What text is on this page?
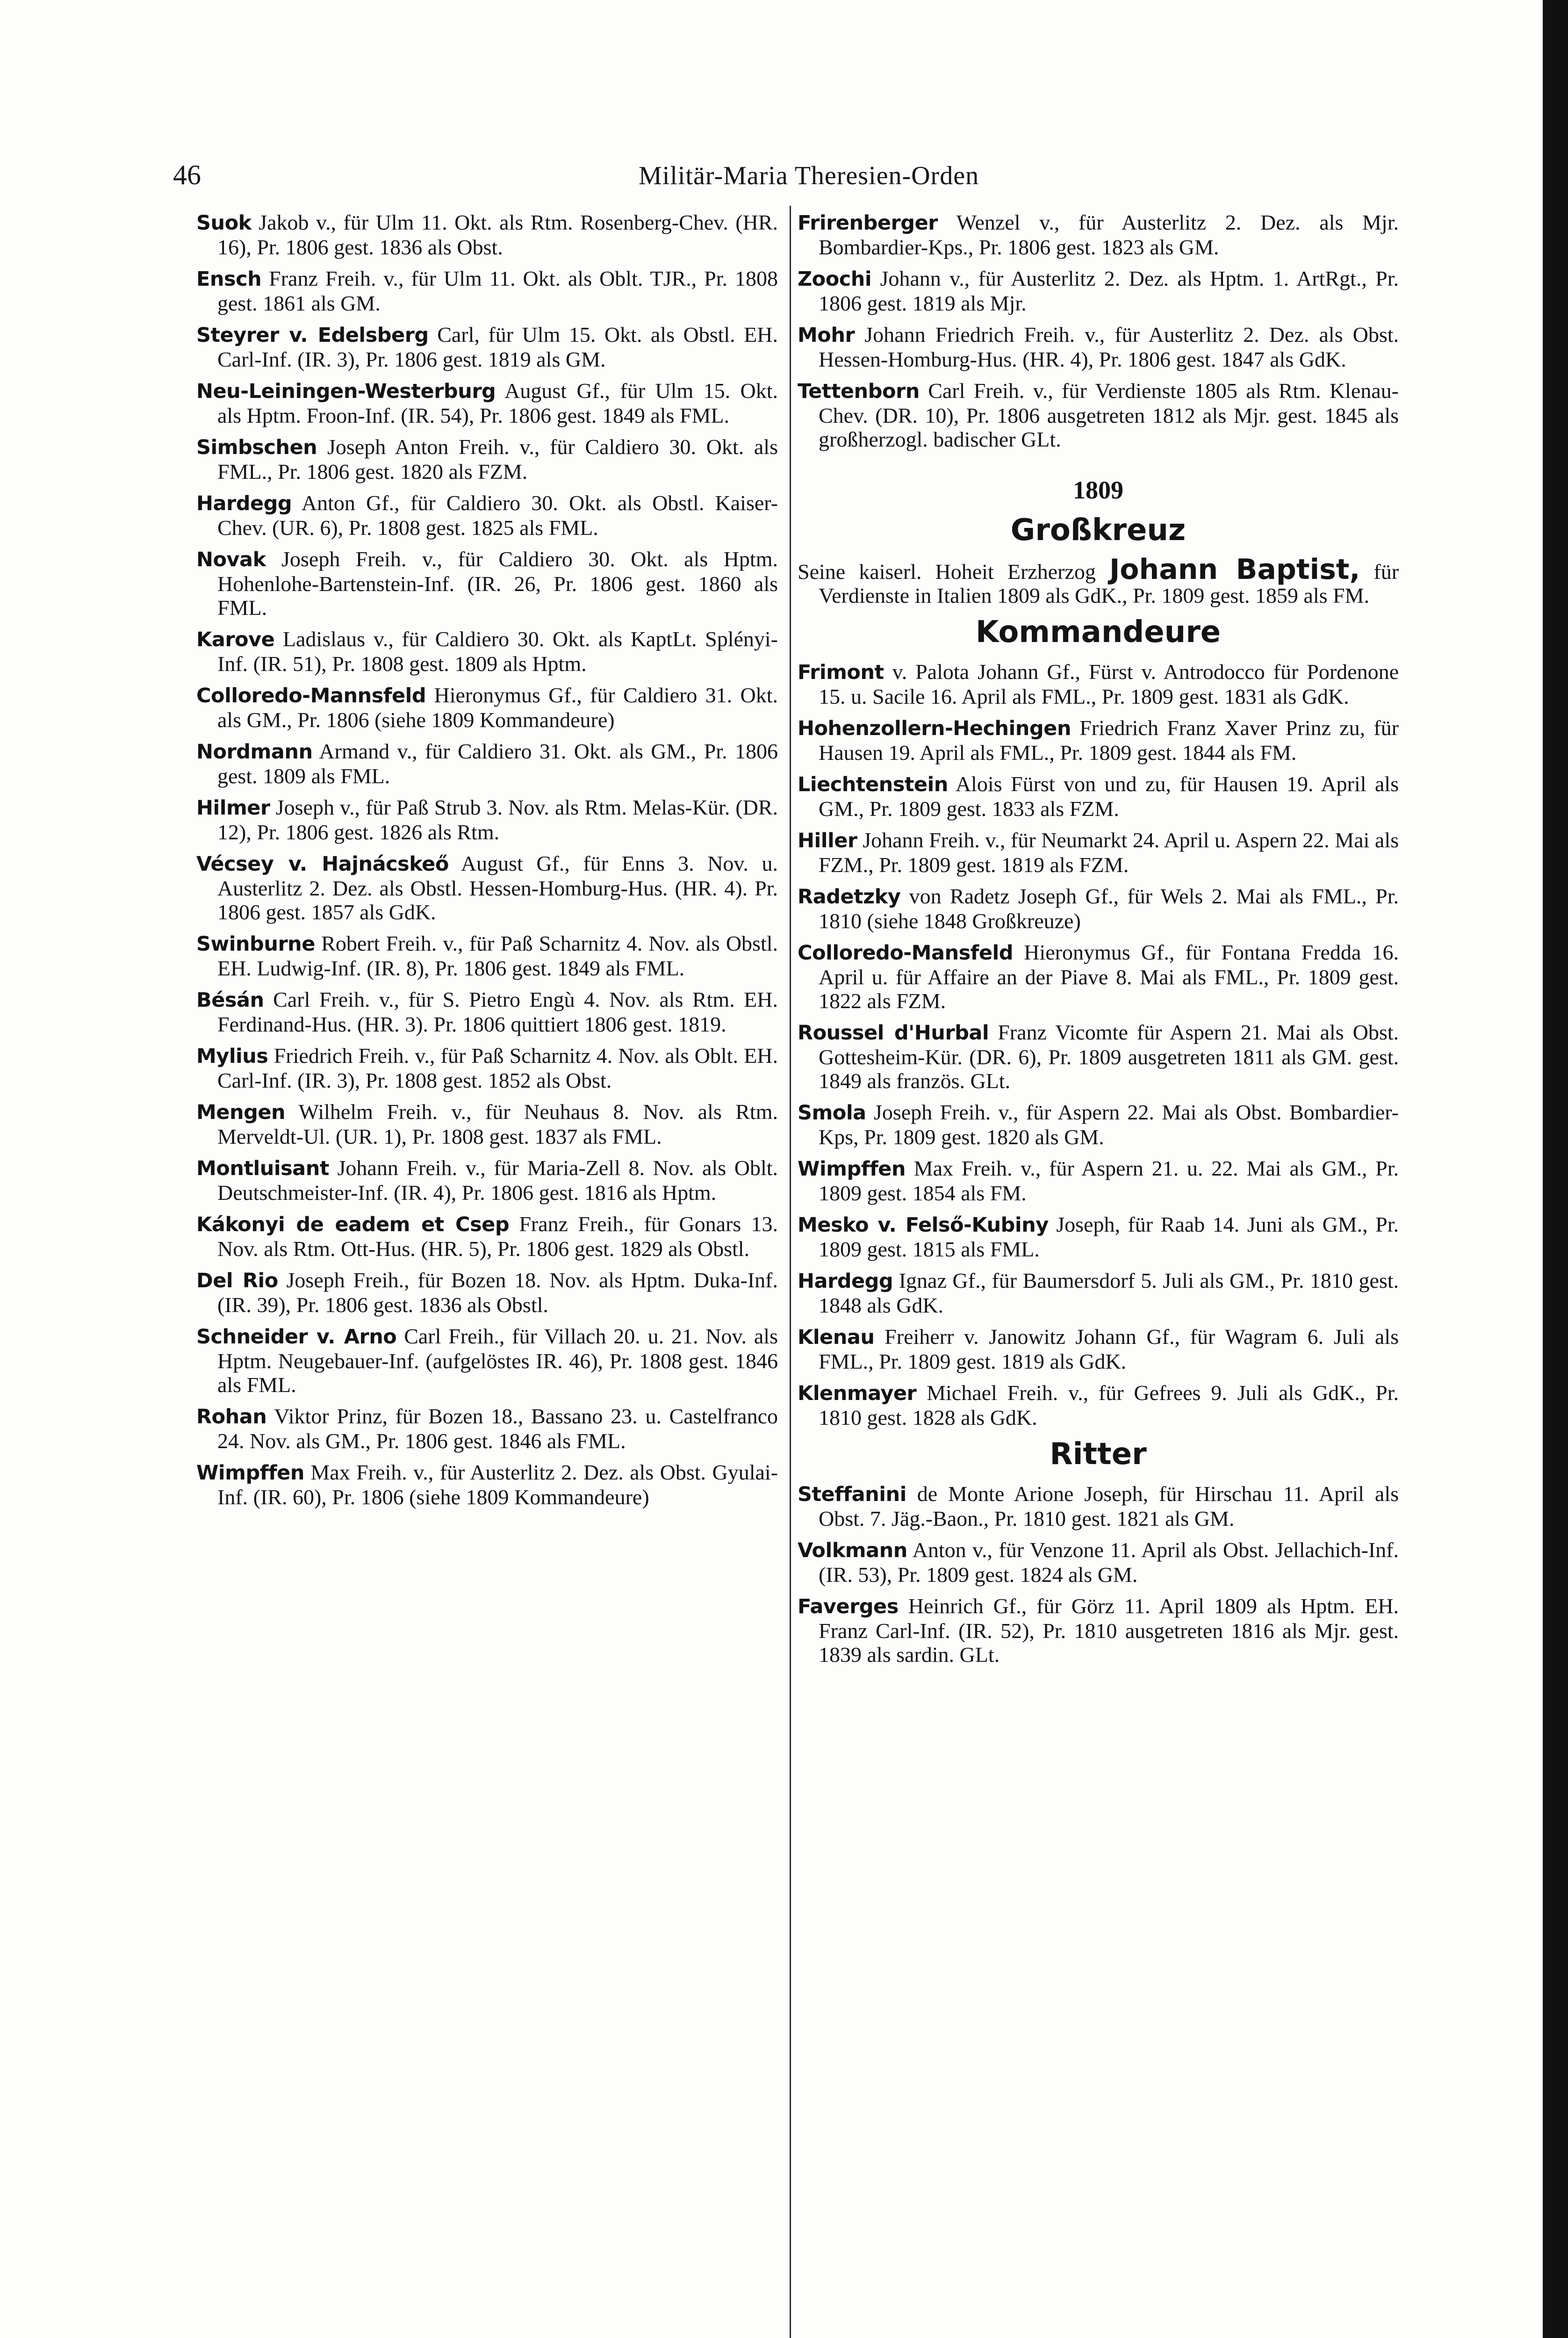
46	Militär-Maria Theresien-Orden

Suok Jakob v., für Ulm 11. Okt. als Rtm. Rosenberg-Chev. (HR. 16), Pr. 1806 gest. 1836 als Obst.

Ensch Franz Freih. v., für Ulm 11. Okt. als Oblt. TJR., Pr. 1808 gest. 1861 als GM.

Steyrer v. Edelsberg Carl, für Ulm 15. Okt. als Obstl. EH. Carl-Inf. (IR. 3), Pr. 1806 gest. 1819 als GM.

Neu-Leiningen-Westerburg August Gf., für Ulm 15. Okt. als Hptm. Froon-Inf. (IR. 54), Pr. 1806 gest. 1849 als FML.

Simbschen Joseph Anton Freih. v., für Caldiero 30. Okt. als FML., Pr. 1806 gest. 1820 als FZM.

Hardegg Anton Gf., für Caldiero 30. Okt. als Obstl. Kaiser-Chev. (UR. 6), Pr. 1808 gest. 1825 als FML.

Novak Joseph Freih. v., für Caldiero 30. Okt. als Hptm. Hohenlohe-Bartenstein-Inf. (IR. 26, Pr. 1806 gest. 1860 als FML.

Karove Ladislaus v., für Caldiero 30. Okt. als KaptLt. Splényi-Inf. (IR. 51), Pr. 1808 gest. 1809 als Hptm.

Colloredo-Mannsfeld Hieronymus Gf., für Caldiero 31. Okt. als GM., Pr. 1806 (siehe 1809 Kommandeure)

Nordmann Armand v., für Caldiero 31. Okt. als GM., Pr. 1806 gest. 1809 als FML.

Hilmer Joseph v., für Paß Strub 3. Nov. als Rtm. Melas-Kür. (DR. 12), Pr. 1806 gest. 1826 als Rtm.

Vécsey v. Hajnácskeő August Gf., für Enns 3. Nov. u. Austerlitz 2. Dez. als Obstl. Hessen-Homburg-Hus. (HR. 4). Pr. 1806 gest. 1857 als GdK.

Swinburne Robert Freih. v., für Paß Scharnitz 4. Nov. als Obstl. EH. Ludwig-Inf. (IR. 8), Pr. 1806 gest. 1849 als FML.

Bésán Carl Freih. v., für S. Pietro Engù 4. Nov. als Rtm. EH. Ferdinand-Hus. (HR. 3). Pr. 1806 quittiert 1806 gest. 1819.

Mylius Friedrich Freih. v., für Paß Scharnitz 4. Nov. als Oblt. EH. Carl-Inf. (IR. 3), Pr. 1808 gest. 1852 als Obst.

Mengen Wilhelm Freih. v., für Neuhaus 8. Nov. als Rtm. Merveldt-Ul. (UR. 1), Pr. 1808 gest. 1837 als FML.

Montluisant Johann Freih. v., für Maria-Zell 8. Nov. als Oblt. Deutschmeister-Inf. (IR. 4), Pr. 1806 gest. 1816 als Hptm.

Kákonyi de eadem et Csep Franz Freih., für Gonars 13. Nov. als Rtm. Ott-Hus. (HR. 5), Pr. 1806 gest. 1829 als Obstl.

Del Rio Joseph Freih., für Bozen 18. Nov. als Hptm. Duka-Inf. (IR. 39), Pr. 1806 gest. 1836 als Obstl.

Schneider v. Arno Carl Freih., für Villach 20. u. 21. Nov. als Hptm. Neugebauer-Inf. (aufgelöstes IR. 46), Pr. 1808 gest. 1846 als FML.

Rohan Viktor Prinz, für Bozen 18., Bassano 23. u. Castelfranco 24. Nov. als GM., Pr. 1806 gest. 1846 als FML.

Wimpffen Max Freih. v., für Austerlitz 2. Dez. als Obst. Gyulai-Inf. (IR. 60), Pr. 1806 (siehe 1809 Kommandeure)

Frirenberger Wenzel v., für Austerlitz 2. Dez. als Mjr. Bombardier-Kps., Pr. 1806 gest. 1823 als GM.

Zoochi Johann v., für Austerlitz 2. Dez. als Hptm. 1. ArtRgt., Pr. 1806 gest. 1819 als Mjr.

Mohr Johann Friedrich Freih. v., für Austerlitz 2. Dez. als Obst. Hessen-Homburg-Hus. (HR. 4), Pr. 1806 gest. 1847 als GdK.

Tettenborn Carl Freih. v., für Verdienste 1805 als Rtm. Klenau-Chev. (DR. 10), Pr. 1806 ausgetreten 1812 als Mjr. gest. 1845 als großherzogl. badischer GLt.

1809
Großkreuz

Seine kaiserl. Hoheit Erzherzog Johann Baptist, für Verdienste in Italien 1809 als GdK., Pr. 1809 gest. 1859 als FM.

Kommandeure

Frimont v. Palota Johann Gf., Fürst v. Antrodocco für Pordenone 15. u. Sacile 16. April als FML., Pr. 1809 gest. 1831 als GdK.

Hohenzollern-Hechingen Friedrich Franz Xaver Prinz zu, für Hausen 19. April als FML., Pr. 1809 gest. 1844 als FM.

Liechtenstein Alois Fürst von und zu, für Hausen 19. April als GM., Pr. 1809 gest. 1833 als FZM.

Hiller Johann Freih. v., für Neumarkt 24. April u. Aspern 22. Mai als FZM., Pr. 1809 gest. 1819 als FZM.

Radetzky von Radetz Joseph Gf., für Wels 2. Mai als FML., Pr. 1810 (siehe 1848 Großkreuze)

Colloredo-Mansfeld Hieronymus Gf., für Fontana Fredda 16. April u. für Affaire an der Piave 8. Mai als FML., Pr. 1809 gest. 1822 als FZM.

Roussel d'Hurbal Franz Vicomte für Aspern 21. Mai als Obst. Gottesheim-Kür. (DR. 6), Pr. 1809 ausgetreten 1811 als GM. gest. 1849 als französ. GLt.

Smola Joseph Freih. v., für Aspern 22. Mai als Obst. Bombardier-Kps, Pr. 1809 gest. 1820 als GM.

Wimpffen Max Freih. v., für Aspern 21. u. 22. Mai als GM., Pr. 1809 gest. 1854 als FM.

Mesko v. Felső-Kubiny Joseph, für Raab 14. Juni als GM., Pr. 1809 gest. 1815 als FML.

Hardegg Ignaz Gf., für Baumersdorf 5. Juli als GM., Pr. 1810 gest. 1848 als GdK.

Klenau Freiherr v. Janowitz Johann Gf., für Wagram 6. Juli als FML., Pr. 1809 gest. 1819 als GdK.

Klenmayer Michael Freih. v., für Gefrees 9. Juli als GdK., Pr. 1810 gest. 1828 als GdK.

Ritter

Steffanini de Monte Arione Joseph, für Hirschau 11. April als Obst. 7. Jäg.-Baon., Pr. 1810 gest. 1821 als GM.

Volkmann Anton v., für Venzone 11. April als Obst. Jellachich-Inf. (IR. 53), Pr. 1809 gest. 1824 als GM.

Faverges Heinrich Gf., für Görz 11. April 1809 als Hptm. EH. Franz Carl-Inf. (IR. 52), Pr. 1810 ausgetreten 1816 als Mjr. gest. 1839 als sardin. GLt.
